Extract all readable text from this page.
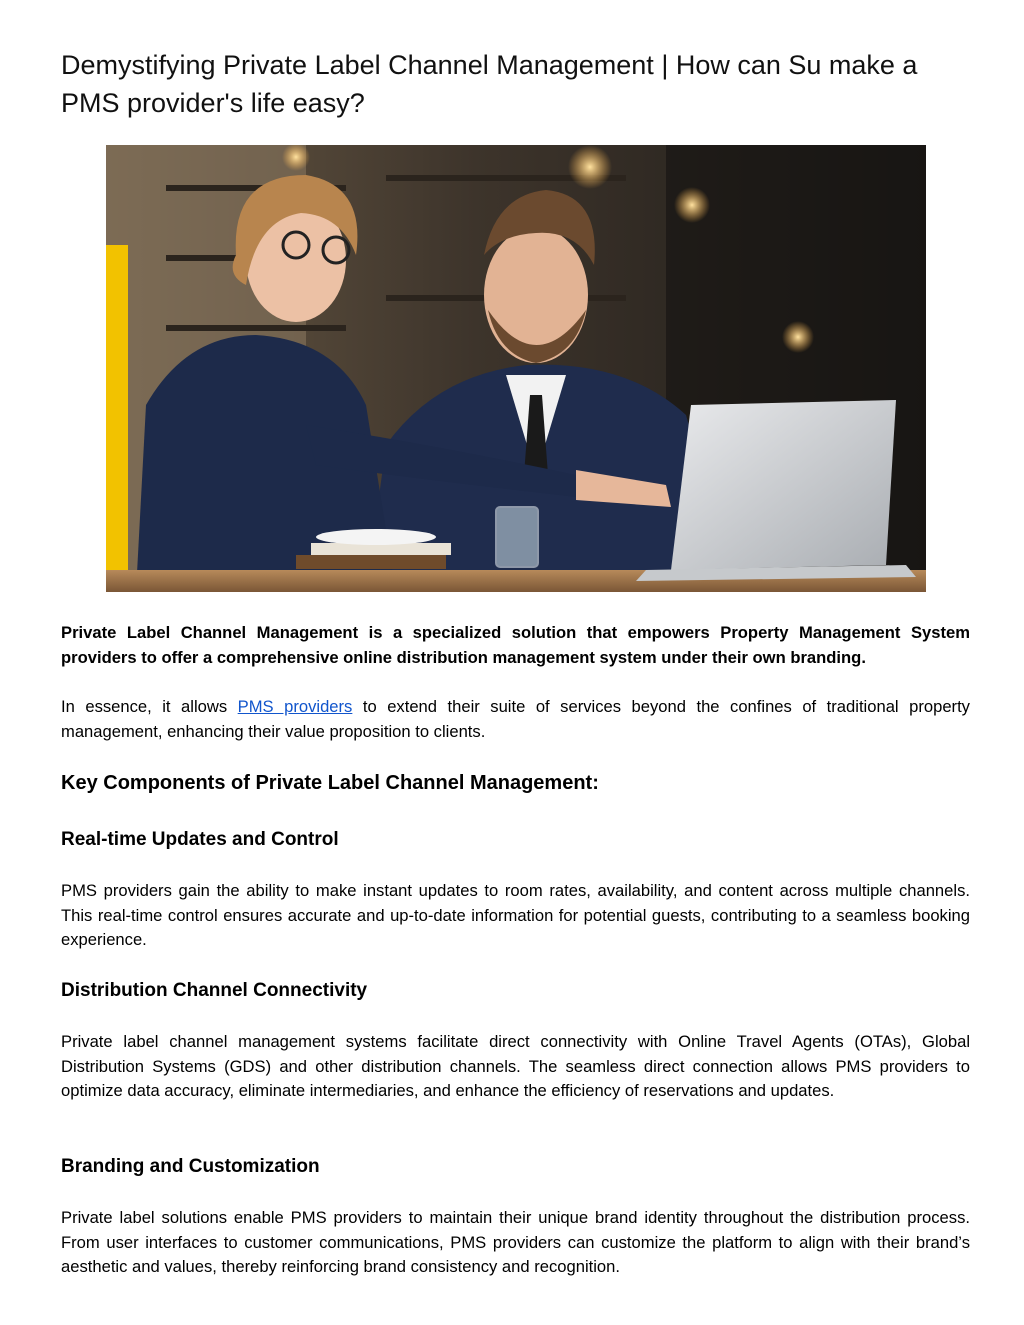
Demystifying Private Label Channel Management | How can Su make a PMS provider's life easy?

Private Label Channel Management is a specialized solution that empowers Property Management System providers to offer a comprehensive online distribution management system under their own branding.

In essence, it allows PMS providers to extend their suite of services beyond the confines of traditional property management, enhancing their value proposition to clients.

Key Components of Private Label Channel Management:
Real-time Updates and Control

PMS providers gain the ability to make instant updates to room rates, availability, and content across multiple channels. This real-time control ensures accurate and up-to-date information for potential guests, contributing to a seamless booking experience.

Distribution Channel Connectivity

Private label channel management systems facilitate direct connectivity with Online Travel Agents (OTAs), Global Distribution Systems (GDS) and other distribution channels. The seamless direct connection allows PMS providers to optimize data accuracy, eliminate intermediaries, and enhance the efficiency of reservations and updates.

Branding and Customization

Private label solutions enable PMS providers to maintain their unique brand identity throughout the distribution process. From user interfaces to customer communications, PMS providers can customize the platform to align with their brand’s aesthetic and values, thereby reinforcing brand consistency and recognition.
